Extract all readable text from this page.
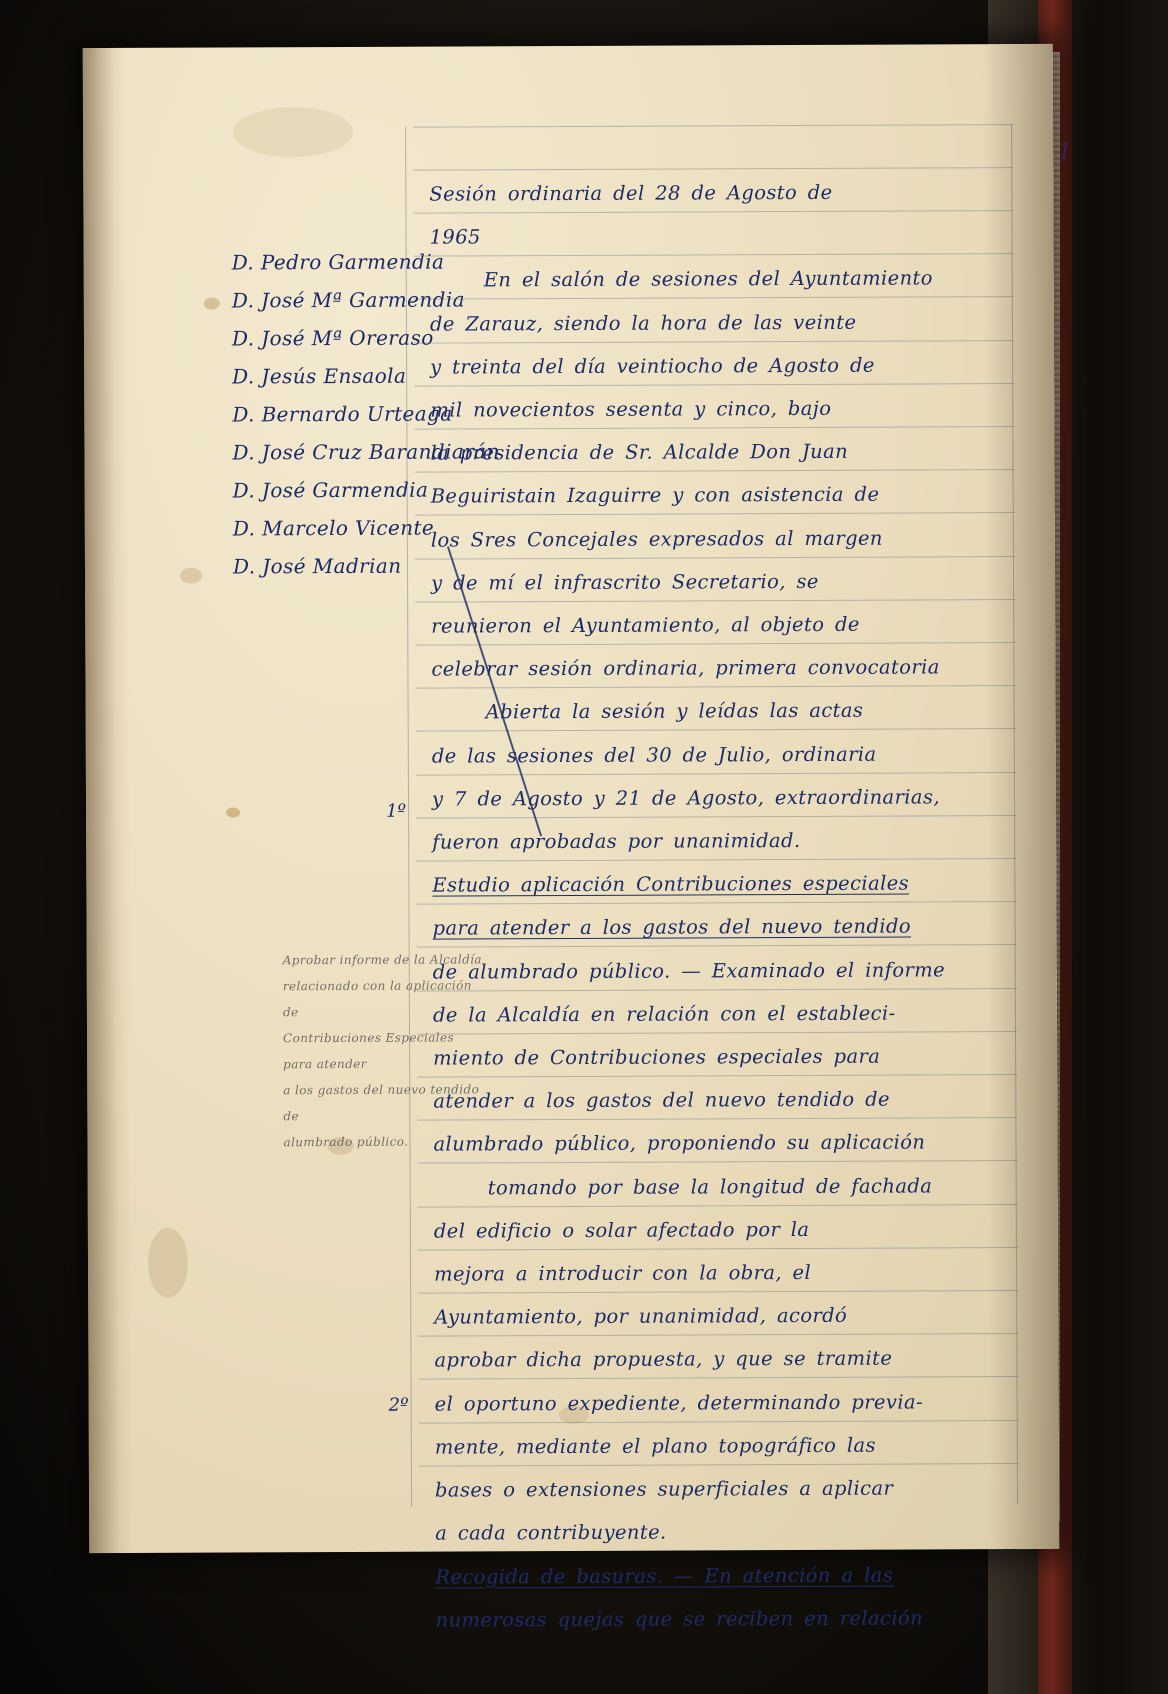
D. Pedro Garmendia
D. José Mª Garmendia
D. José Mª Oreraso
D. Jesús Ensaola
D. Bernardo Urteaga
D. José Cruz Barandiarán
D. José Garmendia
D. Marcelo Vicente
D. José Madrian
Aprobar informe de la Alcaldía
relacionado con la aplicación de
Contribuciones Especiales para atender
a los gastos del nuevo tendido de
alumbrado público.
1º
2º
Sesión ordinaria del 28 de Agosto de
1965
En el salón de sesiones del Ayuntamiento
de Zarauz, siendo la hora de las veinte
y treinta del día veintiocho de Agosto de
mil novecientos sesenta y cinco, bajo
la presidencia de Sr. Alcalde Don Juan
Beguiristain Izaguirre y con asistencia de
los Sres Concejales expresados al margen
y de mí el infrascrito Secretario, se
reunieron el Ayuntamiento, al objeto de
celebrar sesión ordinaria, primera convocatoria
Abierta la sesión y leídas las actas
de las sesiones del 30 de Julio, ordinaria
y 7 de Agosto y 21 de Agosto, extraordinarias,
fueron aprobadas por unanimidad.
Estudio aplicación Contribuciones especiales
para atender a los gastos del nuevo tendido
de alumbrado público. — Examinado el informe
de la Alcaldía en relación con el estableci-
miento de Contribuciones especiales para
atender a los gastos del nuevo tendido de
alumbrado público, proponiendo su aplicación
tomando por base la longitud de fachada
del edificio o solar afectado por la
mejora a introducir con la obra, el
Ayuntamiento, por unanimidad, acordó
aprobar dicha propuesta, y que se tramite
el oportuno expediente, determinando previa-
mente, mediante el plano topográfico las
bases o extensiones superficiales a aplicar
a cada contribuyente.
Recogida de basuras. — En atención a las
numerosas quejas que se reciben en relación
1
